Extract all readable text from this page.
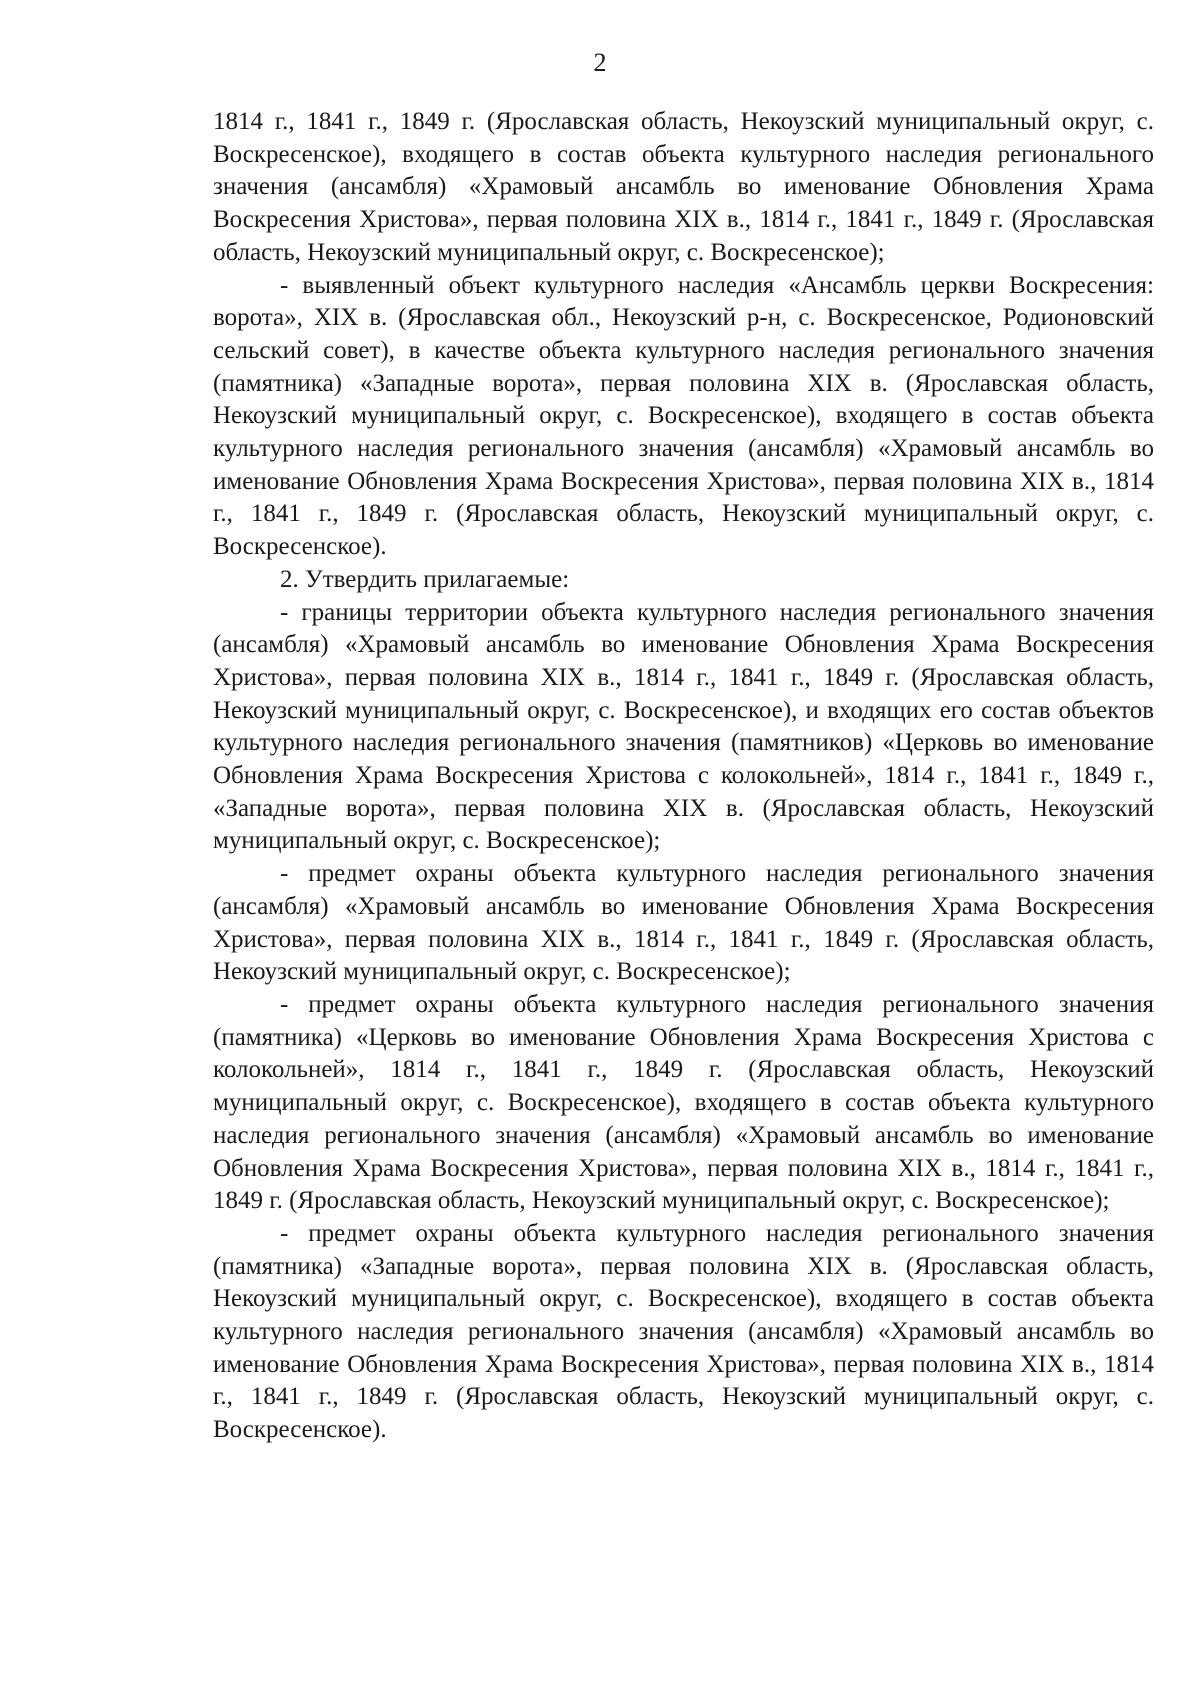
2

1814 г., 1841 г., 1849 г. (Ярославская область, Некоузский муниципальный округ, с. Воскресенское), входящего в состав объекта культурного наследия регионального значения (ансамбля) «Храмовый ансамбль во именование Обновления Храма Воскресения Христова», первая половина XIX в., 1814 г., 1841 г., 1849 г. (Ярославская область, Некоузский муниципальный округ, с. Воскресенское);

- выявленный объект культурного наследия «Ансамбль церкви Воскресения: ворота», XIX в. (Ярославская обл., Некоузский р-н, с. Воскресенское, Родионовский сельский совет), в качестве объекта культурного наследия регионального значения (памятника) «Западные ворота», первая половина XIX в. (Ярославская область, Некоузский муниципальный округ, с. Воскресенское), входящего в состав объекта культурного наследия регионального значения (ансамбля) «Храмовый ансамбль во именование Обновления Храма Воскресения Христова», первая половина XIX в., 1814 г., 1841 г., 1849 г. (Ярославская область, Некоузский муниципальный округ, с. Воскресенское).

2. Утвердить прилагаемые:

- границы территории объекта культурного наследия регионального значения (ансамбля) «Храмовый ансамбль во именование Обновления Храма Воскресения Христова», первая половина XIX в., 1814 г., 1841 г., 1849 г. (Ярославская область, Некоузский муниципальный округ, с. Воскресенское), и входящих его состав объектов культурного наследия регионального значения (памятников) «Церковь во именование Обновления Храма Воскресения Христова с колокольней», 1814 г., 1841 г., 1849 г., «Западные ворота», первая половина XIX в. (Ярославская область, Некоузский муниципальный округ, с. Воскресенское);

- предмет охраны объекта культурного наследия регионального значения (ансамбля) «Храмовый ансамбль во именование Обновления Храма Воскресения Христова», первая половина XIX в., 1814 г., 1841 г., 1849 г. (Ярославская область, Некоузский муниципальный округ, с. Воскресенское);

- предмет охраны объекта культурного наследия регионального значения (памятника) «Церковь во именование Обновления Храма Воскресения Христова с колокольней», 1814 г., 1841 г., 1849 г. (Ярославская область, Некоузский муниципальный округ, с. Воскресенское), входящего в состав объекта культурного наследия регионального значения (ансамбля) «Храмовый ансамбль во именование Обновления Храма Воскресения Христова», первая половина XIX в., 1814 г., 1841 г., 1849 г. (Ярославская область, Некоузский муниципальный округ, с. Воскресенское);

- предмет охраны объекта культурного наследия регионального значения (памятника) «Западные ворота», первая половина XIX в. (Ярославская область, Некоузский муниципальный округ, с. Воскресенское), входящего в состав объекта культурного наследия регионального значения (ансамбля) «Храмовый ансамбль во именование Обновления Храма Воскресения Христова», первая половина XIX в., 1814 г., 1841 г., 1849 г. (Ярославская область, Некоузский муниципальный округ, с. Воскресенское).
